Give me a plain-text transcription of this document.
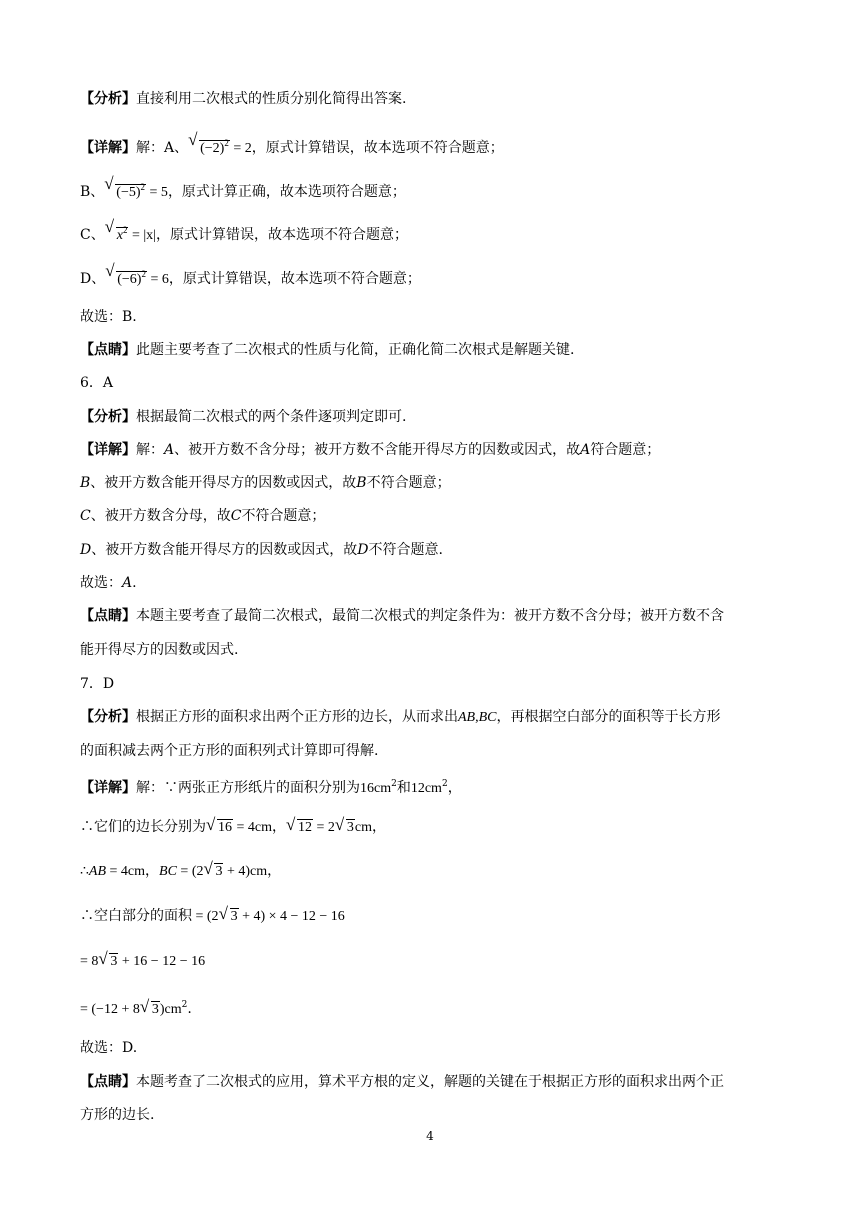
【分析】直接利用二次根式的性质分别化简得出答案.
【详解】解：A、 √ $(-2)^2 = 2$，原式计算错误，故本选项不符合题意；
B、 √ $(-5)^2 = 5$，原式计算正确，故本选项符合题意；
C、 √ $x^2 = |x|$，原式计算错误，故本选项不符合题意；
D、 √ $(-6)^2 = 6$，原式计算错误，故本选项不符合题意；
故选：B.
【点睛】此题主要考查了二次根式的性质与化简，正确化简二次根式是解题关键.
6．A
【分析】根据最简二次根式的两个条件逐项判定即可.
【详解】解：A、被开方数不含分母；被开方数不含能开得尽方的因数或因式，故A符合题意；
B、被开方数含能开得尽方的因数或因式，故B不符合题意；
C、被开方数含分母，故C不符合题意；
D、被开方数含能开得尽方的因数或因式，故D不符合题意.
故选：A.
【点睛】本题主要考查了最简二次根式，最简二次根式的判定条件为：被开方数不含分母；被开方数不含
能开得尽方的因数或因式.
7．D
【分析】根据正方形的面积求出两个正方形的边长，从而求出AB,BC，再根据空白部分的面积等于长方形
的面积减去两个正方形的面积列式计算即可得解.
【详解】解：∵两张正方形纸片的面积分别为$16cm^2$和$12cm^2$，
∴它们的边长分别为 √ 16 = 4cm， √ 12 = 2 √ 3cm，
∴AB = 4cm，BC = (2 √ 3 + 4)cm，
∴空白部分的面积 = (2 √ 3 + 4) × 4 − 12 − 16
= 8 √ 3 + 16 − 12 − 16
= (−12 + 8 √ $3)cm^2$.
故选：D.
【点睛】本题考查了二次根式的应用，算术平方根的定义，解题的关键在于根据正方形的面积求出两个正
方形的边长.
4
